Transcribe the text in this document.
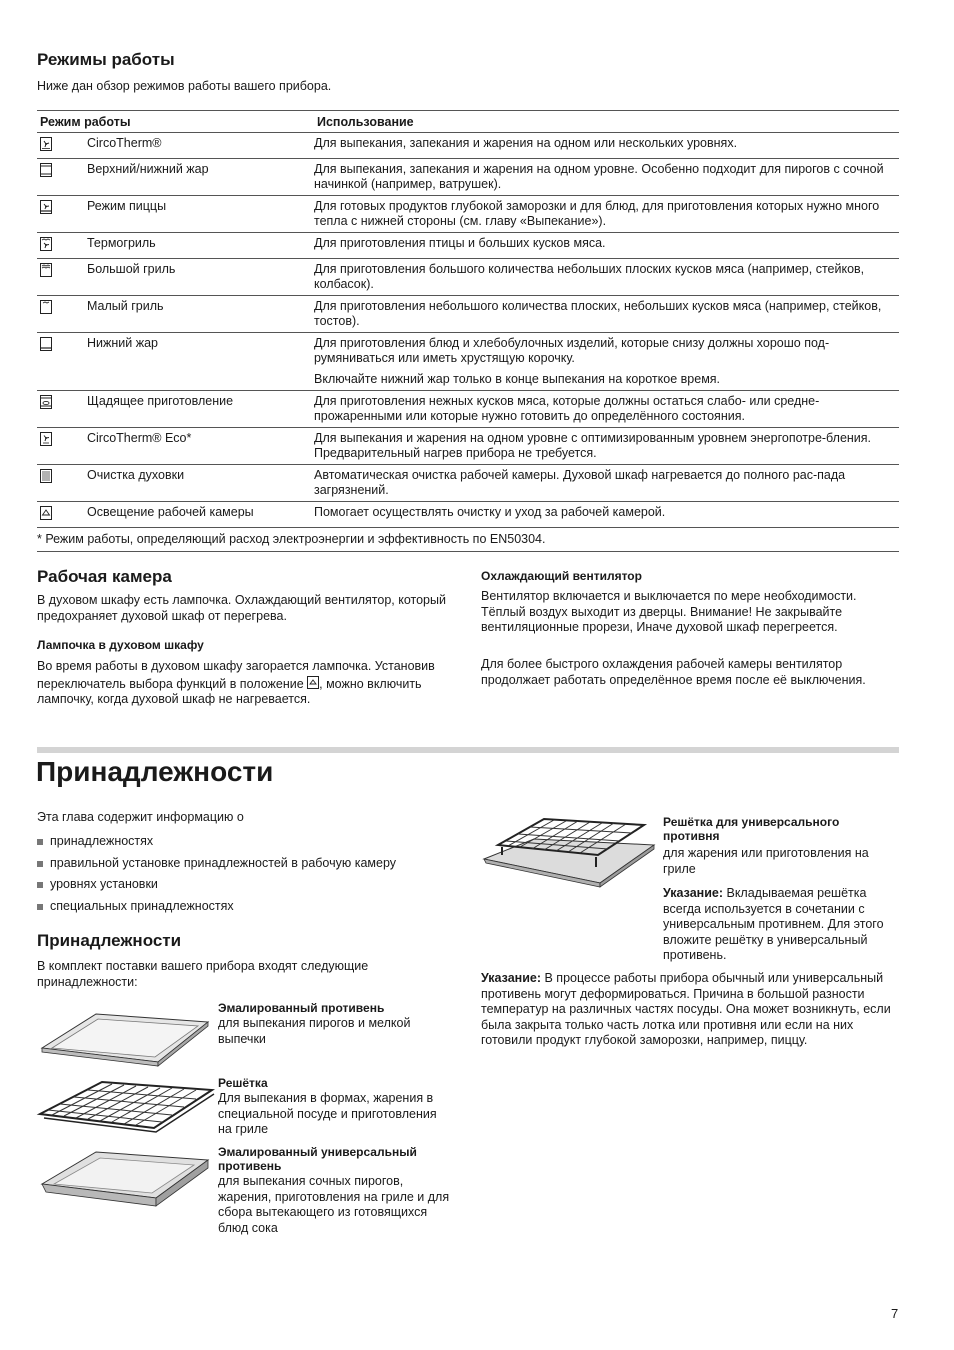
Режимы работы
Ниже дан обзор режимов работы вашего прибора.
Режим работы		Использование

	CircoTherm®	Для выпекания, запекания и жарения на одном или нескольких уровнях.

	Верхний/нижний жар	Для выпекания, запекания и жарения на одном уровне. Особенно подходит для пирогов с сочной начинкой (например, ватрушек).

	Режим пиццы	Для готовых продуктов глубокой заморозки и для блюд, для приготовления которых нужно много тепла с нижней стороны (см. главу «Выпекание»).

	Термогриль	Для приготовления птицы и больших кусков мяса.

	Большой гриль	Для приготовления большого количества небольших плоских кусков мяса (например, стейков, колбасок).

	Малый гриль	Для приготовления небольшого количества плоских, небольших кусков мяса (например, стейков, тостов).

	Нижний жар	Для приготовления блюд и хлебобулочных изделий, которые снизу должны хорошо под-румяниваться или иметь хрустящую корочку.

Включайте нижний жар только в конце выпекания на короткое время.

	Щадящее приготовление	Для приготовления нежных кусков мяса, которые должны остаться слабо- или средне-прожаренными или которые нужно готовить до определённого состояния.

	CircoTherm® Eco*	Для выпекания и жарения на одном уровне с оптимизированным уровнем энергопотре-бления. Предварительный нагрев прибора не требуется.

	Очистка духовки	Автоматическая очистка рабочей камеры. Духовой шкаф нагревается до полного рас-пада загрязнений.

	Освещение рабочей камеры	Помогает осуществлять очистку и уход за рабочей камерой.

* Режим работы, определяющий расход электроэнергии и эффективность по EN50304.		
Рабочая камера

В духовом шкафу есть лампочка. Охлаждающий вентилятор, который предохраняет духовой шкаф от перегрева.

Лампочка в духовом шкафу

Во время работы в духовом шкафу загорается лампочка. Установив переключатель выбора функций в положение , можно включить лампочку, когда духовой шкаф не нагревается.

Охлаждающий вентилятор

Вентилятор включается и выключается по мере необходимости. Тёплый воздух выходит из дверцы. Внимание! Не закрывайте вентиляционные прорези, Иначе духовой шкаф перегреется.

Для более быстрого охлаждения рабочей камеры вентилятор продолжает работать определённое время после её выключения.

Принадлежности
Эта глава содержит информацию о
принадлежностях
правильной установке принадлежностей в рабочую камеру
уровнях установки
специальных принадлежностях
Принадлежности

В комплект поставки вашего прибора входят следующие принадлежности:

Эмалированный противень
для выпекания пирогов и мелкой выпечки
Решётка
Для выпекания в формах, жарения в специальной посуде и приготовления на гриле
Эмалированный универсальный противень
для выпекания сочных пирогов, жарения, приготовления на гриле и для сбора вытекающего из готовящихся блюд сока
Решётка для универсального противня
для жарения или приготовления на гриле
Указание: Вкладываемая решётка всегда используется в сочетании с универсальным противнем. Для этого вложите решётку в универсальный противень.
Указание: В процессе работы прибора обычный или универсальный противень могут деформироваться. Причина в большой разности температур на различных частях посуды. Она может возникнуть, если была закрыта только часть лотка или противня или если на них готовили продукт глубокой заморозки, например, пиццу.
7
